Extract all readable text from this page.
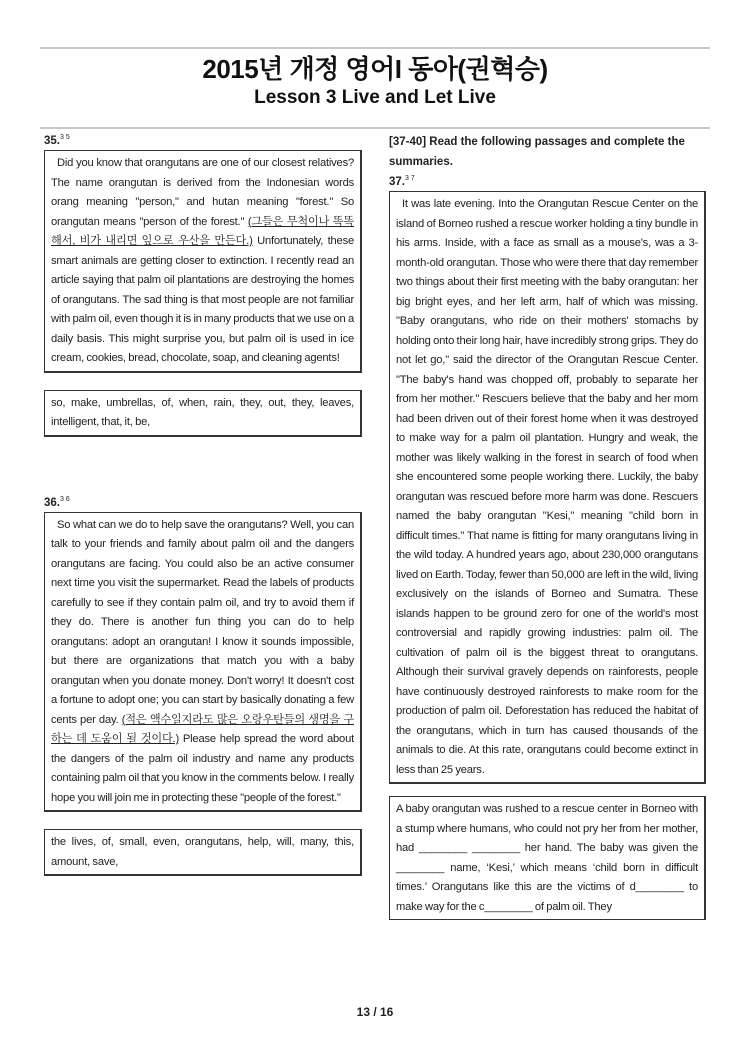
2015년 개정 영어I 동아(권혁승)
Lesson 3 Live and Let Live
35.$^{3 5}$
Did you know that orangutans are one of our closest relatives? The name orangutan is derived from the Indonesian words orang meaning "person," and hutan meaning "forest." So orangutan means "person of the forest." (그들은 무척이나 똑똑해서, 비가 내리면 잎으로 우산을 만든다.) Unfortunately, these smart animals are getting closer to extinction. I recently read an article saying that palm oil plantations are destroying the homes of orangutans. The sad thing is that most people are not familiar with palm oil, even though it is in many products that we use on a daily basis. This might surprise you, but palm oil is used in ice cream, cookies, bread, chocolate, soap, and cleaning agents!
so, make, umbrellas, of, when, rain, they, out, they, leaves, intelligent, that, it, be,
36.$^{3 6}$
So what can we do to help save the orangutans? Well, you can talk to your friends and family about palm oil and the dangers orangutans are facing. You could also be an active consumer next time you visit the supermarket. Read the labels of products carefully to see if they contain palm oil, and try to avoid them if they do. There is another fun thing you can do to help orangutans: adopt an orangutan! I know it sounds impossible, but there are organizations that match you with a baby orangutan when you donate money. Don't worry! It doesn't cost a fortune to adopt one; you can start by basically donating a few cents per day. (적은 액수일지라도 많은 오랑우탄들의 생명을 구하는 데 도움이 될 것이다.) Please help spread the word about the dangers of the palm oil industry and name any products containing palm oil that you know in the comments below. I really hope you will join me in protecting these "people of the forest."
the lives, of, small, even, orangutans, help, will, many, this, amount, save,
[37-40] Read the following passages and complete the summaries.
37.$^{3 7}$
It was late evening. Into the Orangutan Rescue Center on the island of Borneo rushed a rescue worker holding a tiny bundle in his arms. Inside, with a face as small as a mouse's, was a 3-month-old orangutan. Those who were there that day remember two things about their first meeting with the baby orangutan: her big bright eyes, and her left arm, half of which was missing. "Baby orangutans, who ride on their mothers' stomachs by holding onto their long hair, have incredibly strong grips. They do not let go," said the director of the Orangutan Rescue Center. "The baby's hand was chopped off, probably to separate her from her mother." Rescuers believe that the baby and her mom had been driven out of their forest home when it was destroyed to make way for a palm oil plantation. Hungry and weak, the mother was likely walking in the forest in search of food when she encountered some people working there. Luckily, the baby orangutan was rescued before more harm was done. Rescuers named the baby orangutan "Kesi," meaning "child born in difficult times." That name is fitting for many orangutans living in the wild today. A hundred years ago, about 230,000 orangutans lived on Earth. Today, fewer than 50,000 are left in the wild, living exclusively on the islands of Borneo and Sumatra. These islands happen to be ground zero for one of the world's most controversial and rapidly growing industries: palm oil. The cultivation of palm oil is the biggest threat to orangutans. Although their survival gravely depends on rainforests, people have continuously destroyed rainforests to make room for the production of palm oil. Deforestation has reduced the habitat of the orangutans, which in turn has caused thousands of the animals to die. At this rate, orangutans could become extinct in less than 25 years.
A baby orangutan was rushed to a rescue center in Borneo with a stump where humans, who could not pry her from her mother, had ________ ________ her hand. The baby was given the ________ name, ‘Kesi,’ which means ‘child born in difficult times.’ Orangutans like this are the victims of d________ to make way for the c________ of palm oil. They
13 / 16
